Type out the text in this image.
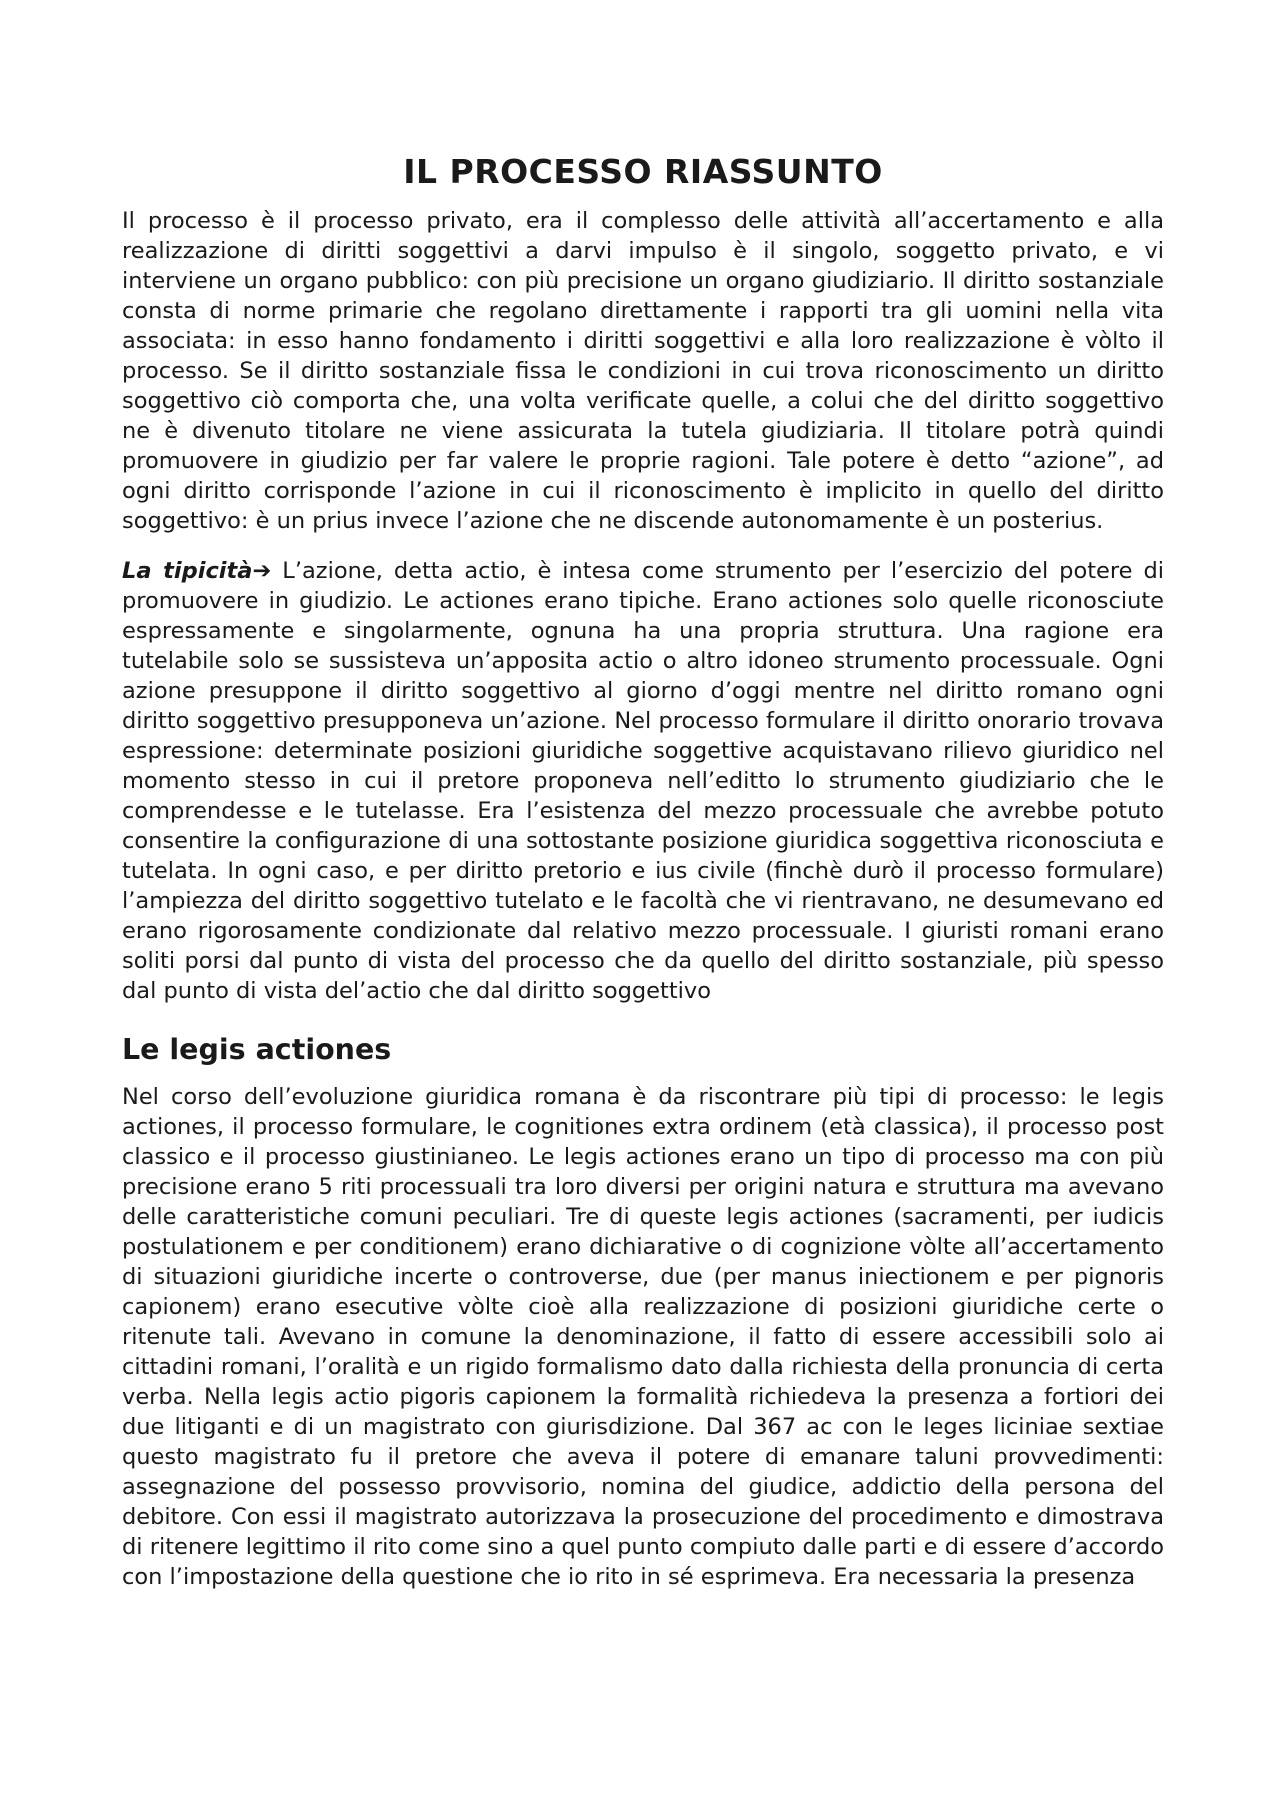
IL PROCESSO RIASSUNTO

Il processo è il processo privato, era il complesso delle attività all’accertamento e alla realizzazione di diritti soggettivi a darvi impulso è il singolo, soggetto privato, e vi interviene un organo pubblico: con più precisione un organo giudiziario. Il diritto sostanziale consta di norme primarie che regolano direttamente i rapporti tra gli uomini nella vita associata: in esso hanno fondamento i diritti soggettivi e alla loro realizzazione è vòlto il processo. Se il diritto sostanziale fissa le condizioni in cui trova riconoscimento un diritto soggettivo ciò comporta che, una volta verificate quelle, a colui che del diritto soggettivo ne è divenuto titolare ne viene assicurata la tutela giudiziaria. Il titolare potrà quindi promuovere in giudizio per far valere le proprie ragioni. Tale potere è detto “azione”, ad ogni diritto corrisponde l’azione in cui il riconoscimento è implicito in quello del diritto soggettivo: è un prius invece l’azione che ne discende autonomamente è un posterius.

La tipicità➔ L’azione, detta actio, è intesa come strumento per l’esercizio del potere di promuovere in giudizio. Le actiones erano tipiche. Erano actiones solo quelle riconosciute espressamente e singolarmente, ognuna ha una propria struttura. Una ragione era tutelabile solo se sussisteva un’apposita actio o altro idoneo strumento processuale. Ogni azione presuppone il diritto soggettivo al giorno d’oggi mentre nel diritto romano ogni diritto soggettivo presupponeva un’azione. Nel processo formulare il diritto onorario trovava espressione: determinate posizioni giuridiche soggettive acquistavano rilievo giuridico nel momento stesso in cui il pretore proponeva nell’editto lo strumento giudiziario che le comprendesse e le tutelasse. Era l’esistenza del mezzo processuale che avrebbe potuto consentire la configurazione di una sottostante posizione giuridica soggettiva riconosciuta e tutelata. In ogni caso, e per diritto pretorio e ius civile (finchè durò il processo formulare) l’ampiezza del diritto soggettivo tutelato e le facoltà che vi rientravano, ne desumevano ed erano rigorosamente condizionate dal relativo mezzo processuale. I giuristi romani erano soliti porsi dal punto di vista del processo che da quello del diritto sostanziale, più spesso dal punto di vista del’actio che dal diritto soggettivo

Le legis actiones

Nel corso dell’evoluzione giuridica romana è da riscontrare più tipi di processo: le legis actiones, il processo formulare, le cognitiones extra ordinem (età classica), il processo post classico e il processo giustinianeo. Le legis actiones erano un tipo di processo ma con più precisione erano 5 riti processuali tra loro diversi per origini natura e struttura ma avevano delle caratteristiche comuni peculiari. Tre di queste legis actiones (sacramenti, per iudicis postulationem e per conditionem) erano dichiarative o di cognizione vòlte all’accertamento di situazioni giuridiche incerte o controverse, due (per manus iniectionem e per pignoris capionem) erano esecutive vòlte cioè alla realizzazione di posizioni giuridiche certe o ritenute tali. Avevano in comune la denominazione, il fatto di essere accessibili solo ai cittadini romani, l’oralità e un rigido formalismo dato dalla richiesta della pronuncia di certa verba. Nella legis actio pigoris capionem la formalità richiedeva la presenza a fortiori dei due litiganti e di un magistrato con giurisdizione. Dal 367 ac con le leges liciniae sextiae questo magistrato fu il pretore che aveva il potere di emanare taluni provvedimenti: assegnazione del possesso provvisorio, nomina del giudice, addictio della persona del debitore. Con essi il magistrato autorizzava la prosecuzione del procedimento e dimostrava di ritenere legittimo il rito come sino a quel punto compiuto dalle parti e di essere d’accordo con l’impostazione della questione che io rito in sé esprimeva. Era necessaria la presenza
